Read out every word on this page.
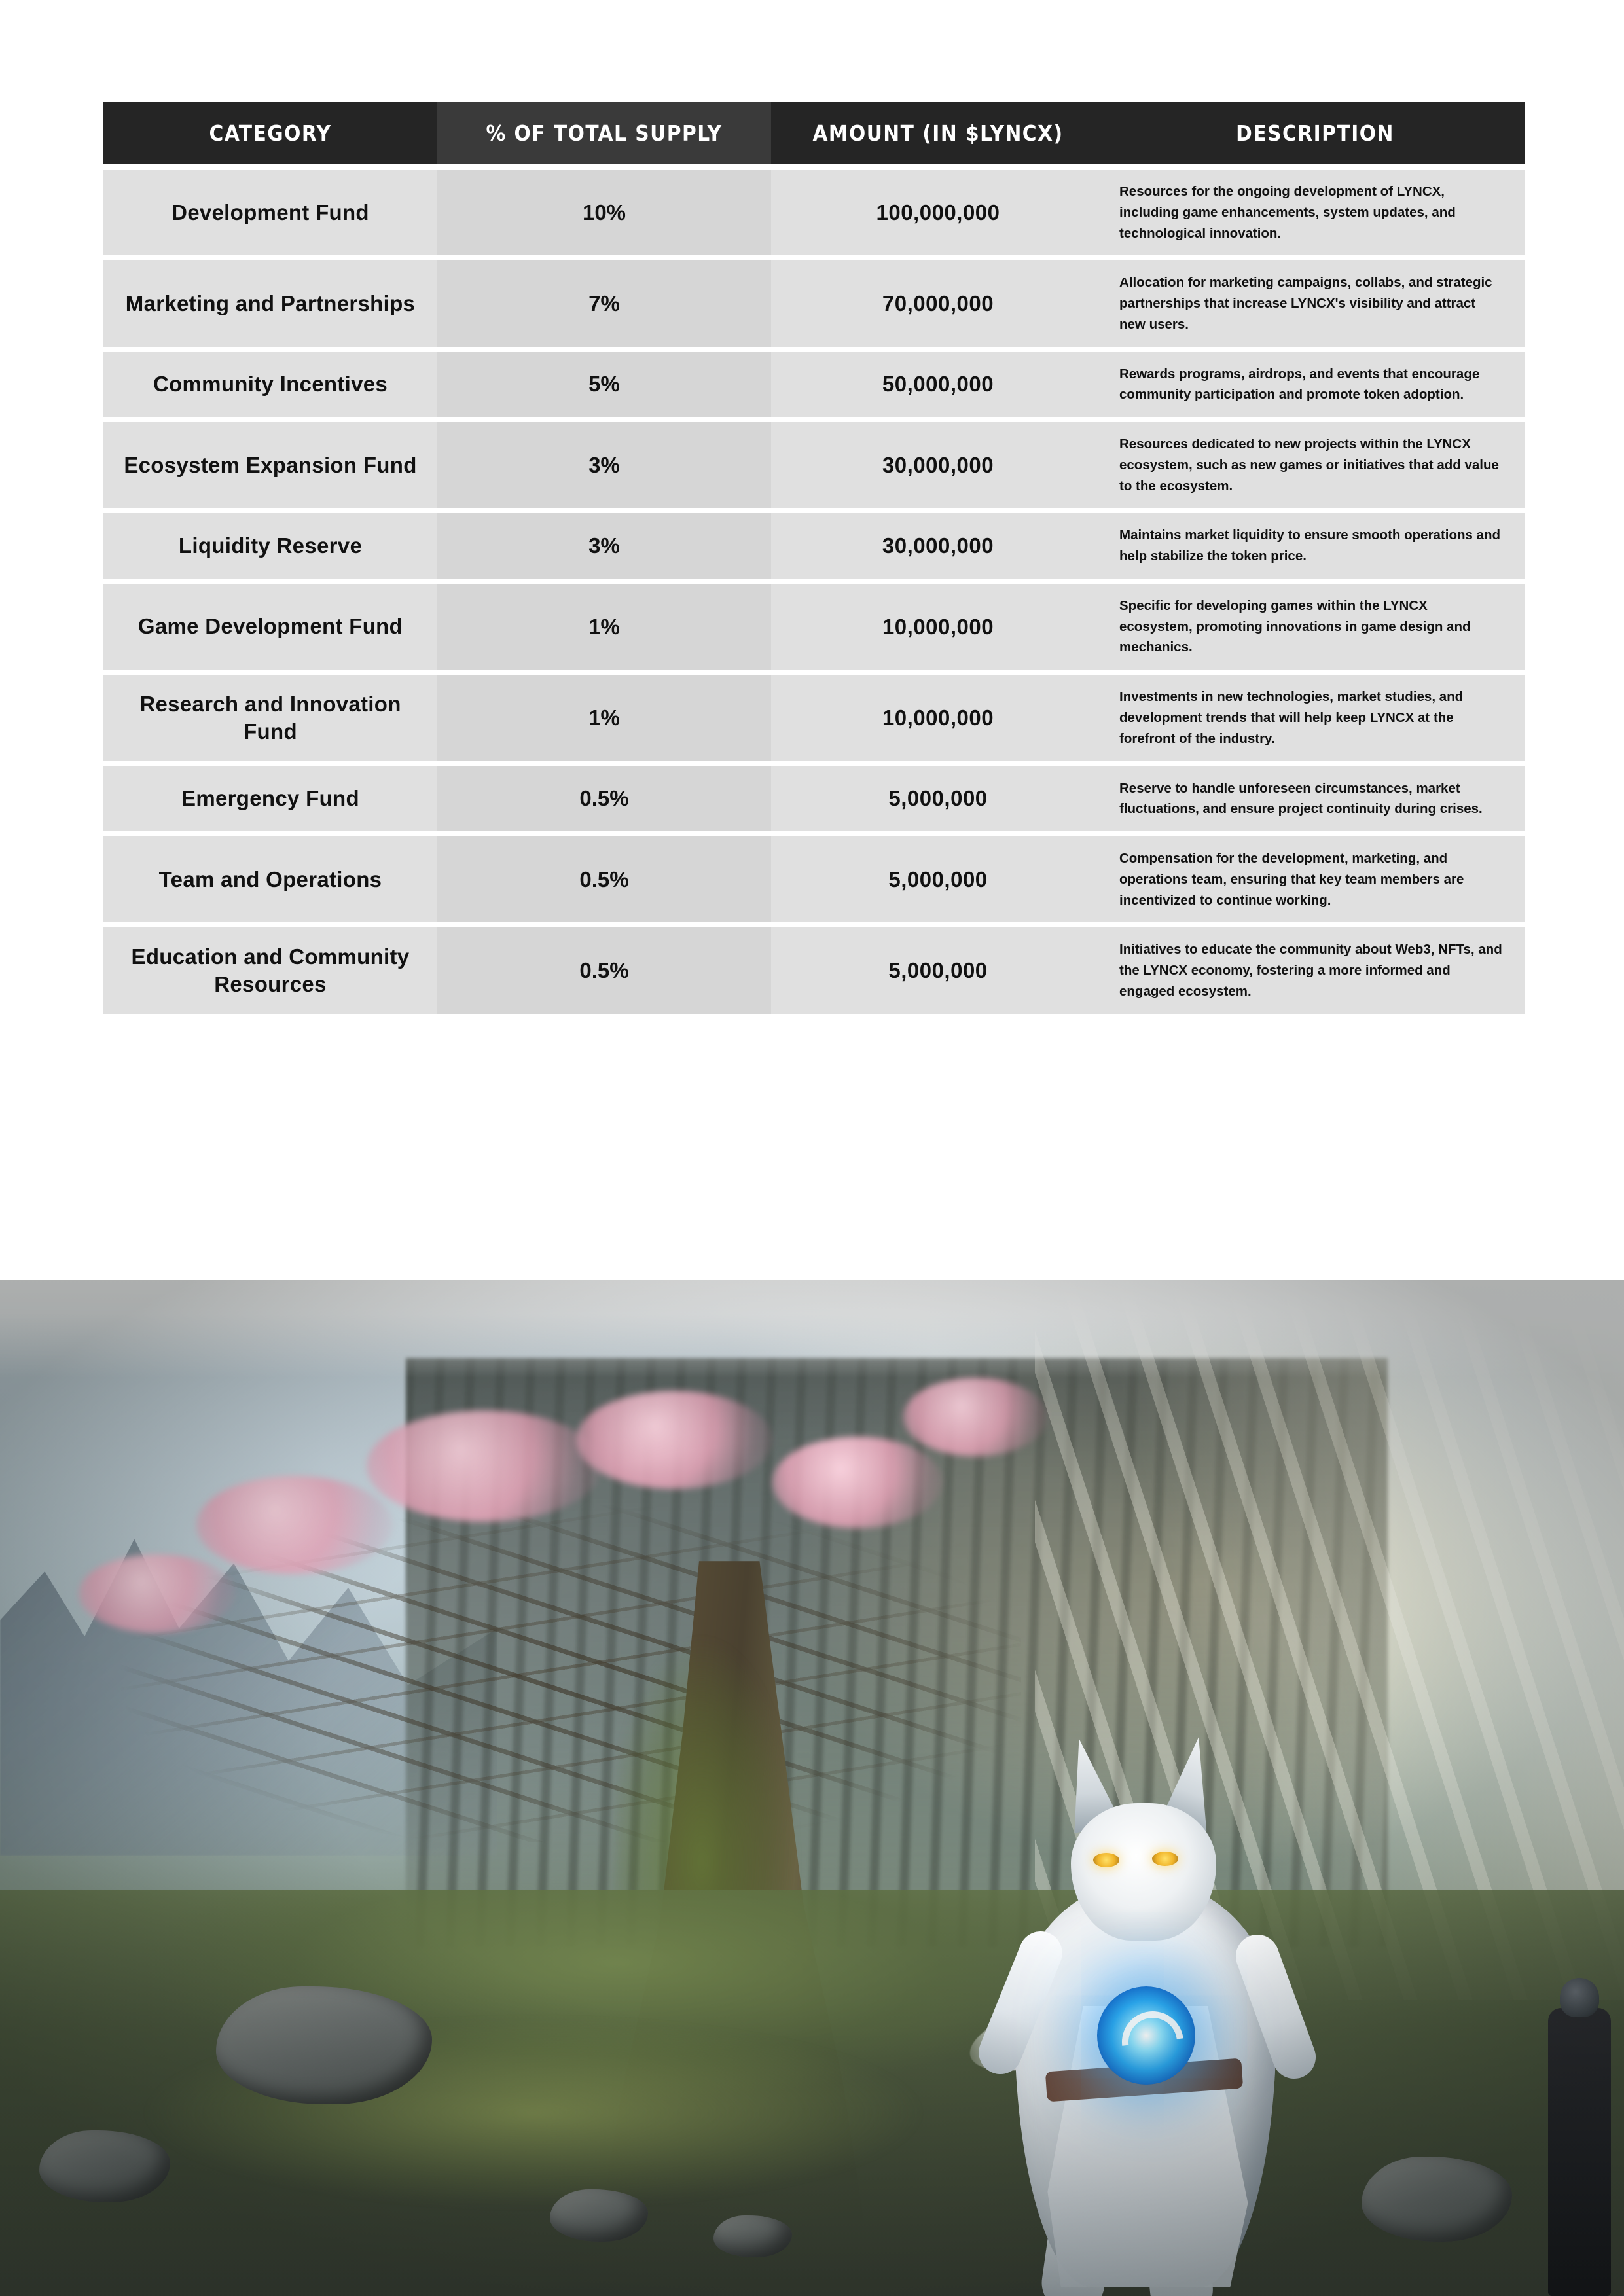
CATEGORY	% OF TOTAL SUPPLY	AMOUNT (IN $LYNCX)	DESCRIPTION
Development Fund	10%	100,000,000	Resources for the ongoing development of LYNCX, including game enhancements, system updates, and technological innovation.
Marketing and Partnerships	7%	70,000,000	Allocation for marketing campaigns, collabs, and strategic partnerships that increase LYNCX's visibility and attract new users.
Community Incentives	5%	50,000,000	Rewards programs, airdrops, and events that encourage community participation and promote token adoption.
Ecosystem Expansion Fund	3%	30,000,000	Resources dedicated to new projects within the LYNCX ecosystem, such as new games or initiatives that add value to the ecosystem.
Liquidity Reserve	3%	30,000,000	Maintains market liquidity to ensure smooth operations and help stabilize the token price.
Game Development Fund	1%	10,000,000	Specific for developing games within the LYNCX ecosystem, promoting innovations in game design and mechanics.
Research and Innovation Fund	1%	10,000,000	Investments in new technologies, market studies, and development trends that will help keep LYNCX at the forefront of the industry.
Emergency Fund	0.5%	5,000,000	Reserve to handle unforeseen circumstances, market fluctuations, and ensure project continuity during crises.
Team and Operations	0.5%	5,000,000	Compensation for the development, marketing, and operations team, ensuring that key team members are incentivized to continue working.
Education and Community Resources	0.5%	5,000,000	Initiatives to educate the community about Web3, NFTs, and the LYNCX economy, fostering a more informed and engaged ecosystem.
